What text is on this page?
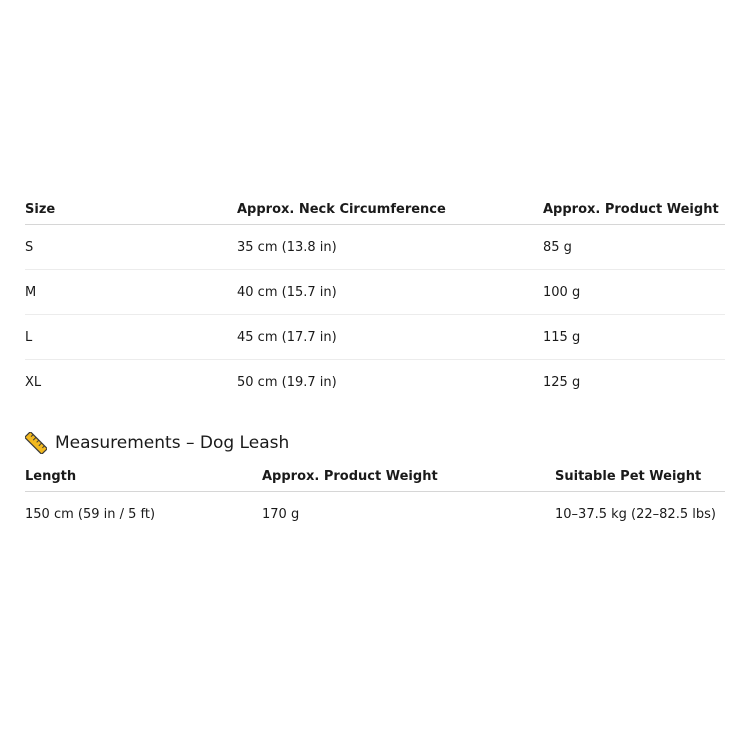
Size	Approx. Neck Circumference	Approx. Product Weight
S	35 cm (13.8 in)	85 g
M	40 cm (15.7 in)	100 g
L	45 cm (17.7 in)	115 g
XL	50 cm (19.7 in)	125 g
Measurements – Dog Leash
Length	Approx. Product Weight	Suitable Pet Weight
150 cm (59 in / 5 ft)	170 g	10–37.5 kg (22–82.5 lbs)
